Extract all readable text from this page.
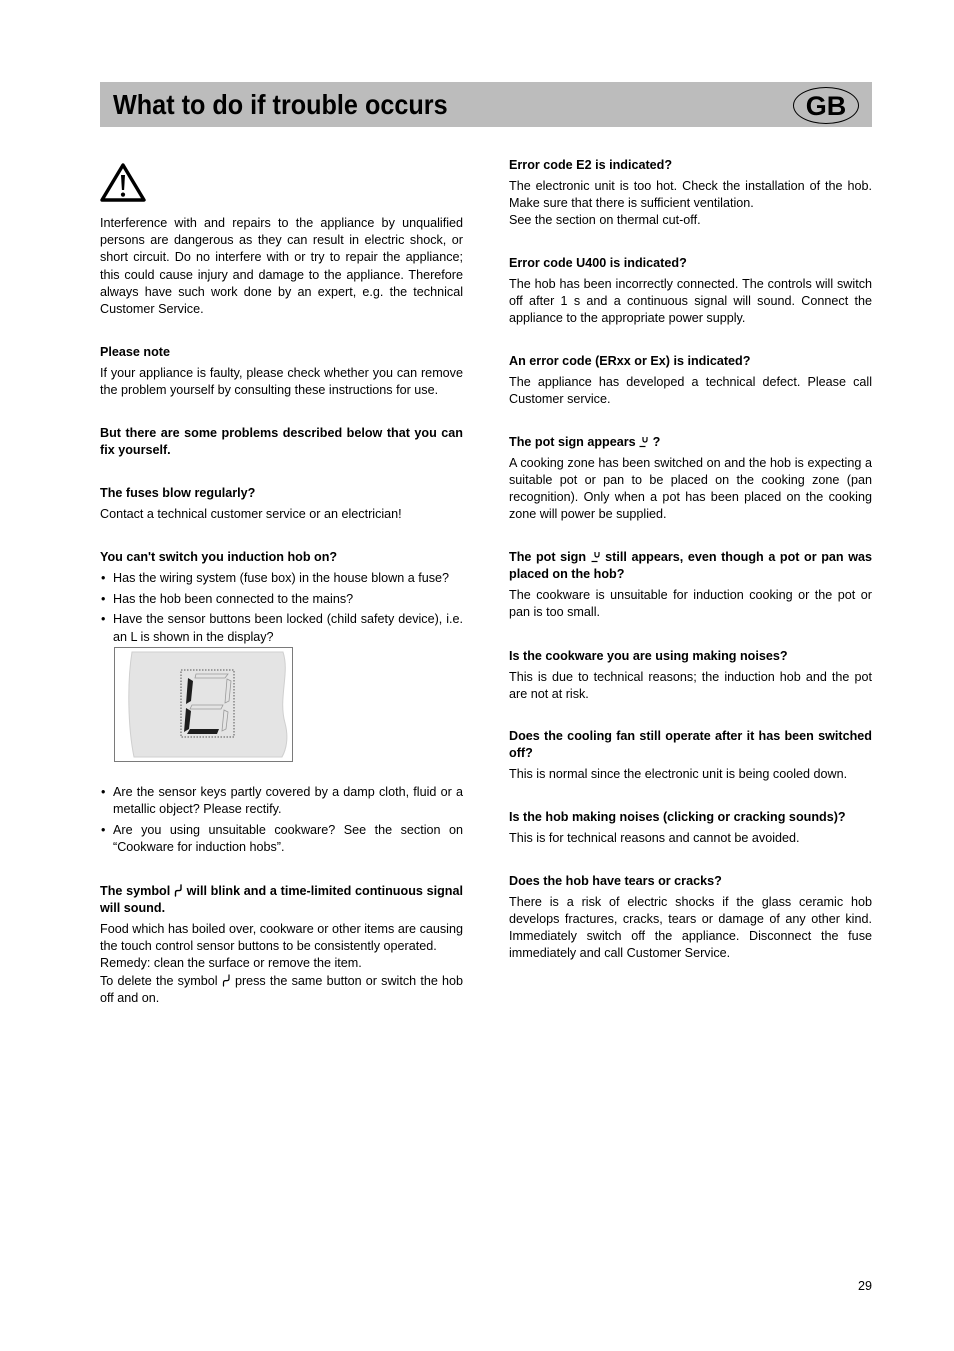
What to do if trouble occurs	GB

Interference with and repairs to the appliance by unqualified persons are dangerous as they can result in electric shock, or short circuit. Do no interfere with or try to repair the appliance; this could cause injury and damage to the appliance. Therefore always have such work done by an expert, e.g. the technical Customer Service.

Please note

If your appliance is faulty, please check whether you can remove the problem yourself by consulting these instructions for use.

But there are some problems described below that you can fix yourself.
The fuses blow regularly?

Contact a technical customer service or an electrician!

You can't switch you induction hob on?
• Has the wiring system (fuse box) in the house blown a fuse?
• Has the hob been connected to the mains?
• Have the sensor buttons been locked (child safety device), i.e. an L is shown in the display?
• Are the sensor keys partly covered by a damp cloth, fluid or a metallic object? Please rectify.
• Are you using unsuitable cookware? See the section on “Cookware for induction hobs”.
The symbol will blink and a time-limited continuous signal will sound.

Food which has boiled over, cookware or other items are causing the touch control sensor buttons to be consistently operated.

Remedy: clean the surface or remove the item.

To delete the symbol press the same button or switch the hob off and on.

Error code E2 is indicated?

The electronic unit is too hot. Check the installation of the hob. Make sure that there is sufficient ventilation.

See the section on thermal cut-off.

Error code U400 is indicated?

The hob has been incorrectly connected. The controls will switch off after 1 s and a continuous signal will sound. Connect the appliance to the appropriate power supply.

An error code (ERxx or Ex) is indicated?

The appliance has developed a technical defect. Please call Customer service.

The pot sign appears ?

A cooking zone has been switched on and the hob is expecting a suitable pot or pan to be placed on the cooking zone (pan recognition). Only when a pot has been placed on the cooking zone will power be supplied.

The pot sign still appears, even though a pot or pan was placed on the hob?

The cookware is unsuitable for induction cooking or the pot or pan is too small.

Is the cookware you are using making noises?

This is due to technical reasons; the induction hob and the pot are not at risk.

Does the cooling fan still operate after it has been switched off?

This is normal since the electronic unit is being cooled down.

Is the hob making noises (clicking or cracking sounds)?

This is for technical reasons and cannot be avoided.

Does the hob have tears or cracks?

There is a risk of electric shocks if the glass ceramic hob develops fractures, cracks, tears or damage of any other kind. Immediately switch off the appliance. Disconnect the fuse immediately and call Customer Service.

29
